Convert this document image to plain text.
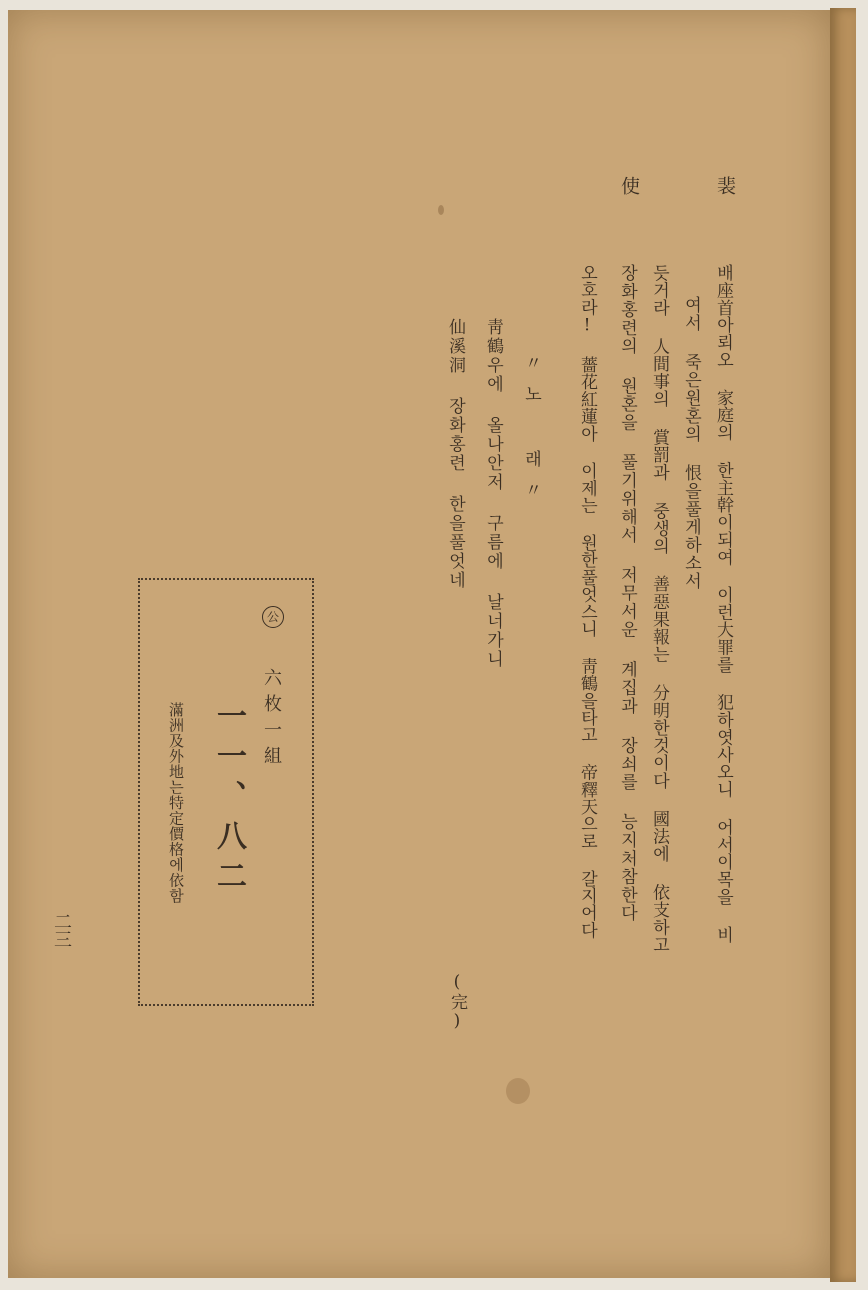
裴
使
배座首아뢰오 家庭의 한主幹이되여 이런大罪를 犯하엿사오니 어서이목을 비
여서 죽은원혼의 恨을풀게하소서
듯거라 人間事의 賞罰과 중생의 善惡果報는 分明한것이다 國法에 依支하고
장화홍련의 원혼을 풀기위해서 저무서운 계집과 장쇠를 능지처참한다
오호라! 薔花紅蓮아 이제는 원한풀엇스니 靑鶴을타고 帝釋天으로 갈지어다
〃노 래〃
靑鶴우에 올나안저 구름에 날너가니
仙溪洞 장화홍련 한을풀엇네
(完)
公
六枚一組
一一、八二
滿洲及外地는特定價格에依함
二三
